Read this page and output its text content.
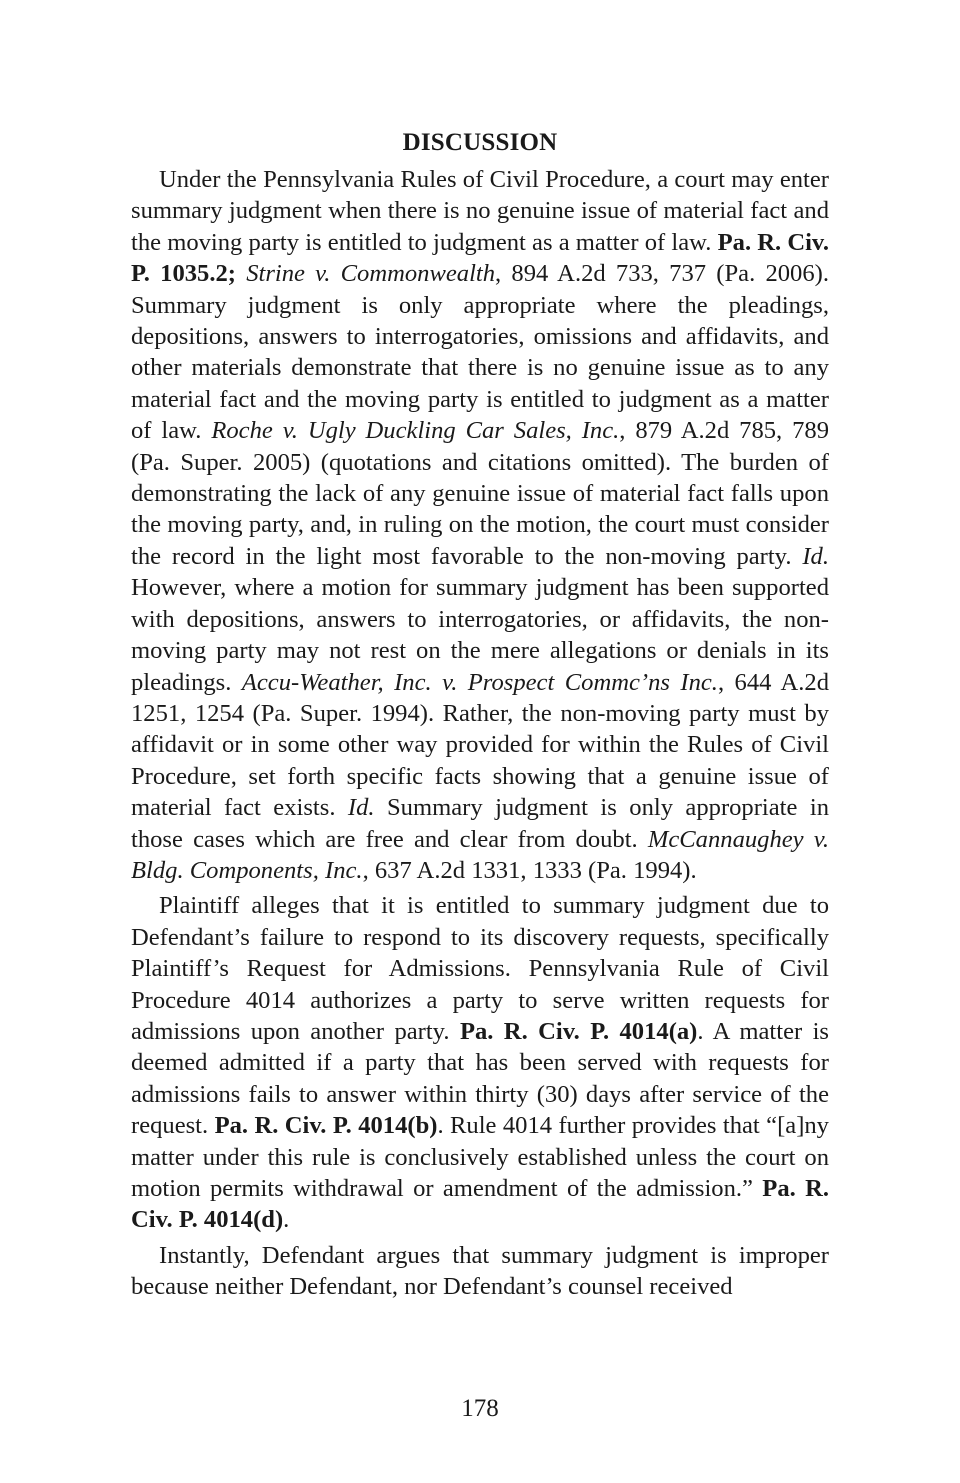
DISCUSSION

Under the Pennsylvania Rules of Civil Procedure, a court may enter summary judgment when there is no genuine issue of material fact and the moving party is entitled to judgment as a matter of law. Pa. R. Civ. P. 1035.2; Strine v. Commonwealth, 894 A.2d 733, 737 (Pa. 2006). Summary judgment is only appropriate where the pleadings, depositions, answers to interrogatories, omissions and affidavits, and other materials demonstrate that there is no genuine issue as to any material fact and the moving party is entitled to judgment as a matter of law. Roche v. Ugly Duckling Car Sales, Inc., 879 A.2d 785, 789 (Pa. Super. 2005) (quotations and citations omitted). The burden of demonstrating the lack of any genuine issue of material fact falls upon the moving party, and, in ruling on the motion, the court must consider the record in the light most favorable to the non-moving party. Id. However, where a motion for summary judgment has been supported with depositions, answers to interrogatories, or affidavits, the non-moving party may not rest on the mere allegations or denials in its pleadings. Accu-Weather, Inc. v. Prospect Commc’ns Inc., 644 A.2d 1251, 1254 (Pa. Super. 1994). Rather, the non-moving party must by affidavit or in some other way provided for within the Rules of Civil Procedure, set forth specific facts showing that a genuine issue of material fact exists. Id. Summary judgment is only appropriate in those cases which are free and clear from doubt. McCannaughey v. Bldg. Components, Inc., 637 A.2d 1331, 1333 (Pa. 1994).

Plaintiff alleges that it is entitled to summary judgment due to Defendant’s failure to respond to its discovery requests, specifically Plaintiff’s Request for Admissions. Pennsylvania Rule of Civil Procedure 4014 authorizes a party to serve written requests for admissions upon another party. Pa. R. Civ. P. 4014(a). A matter is deemed admitted if a party that has been served with requests for admissions fails to answer within thirty (30) days after service of the request. Pa. R. Civ. P. 4014(b). Rule 4014 further provides that “[a]ny matter under this rule is conclusively established unless the court on motion permits withdrawal or amendment of the admission.” Pa. R. Civ. P. 4014(d).

Instantly, Defendant argues that summary judgment is improper because neither Defendant, nor Defendant’s counsel received

178
